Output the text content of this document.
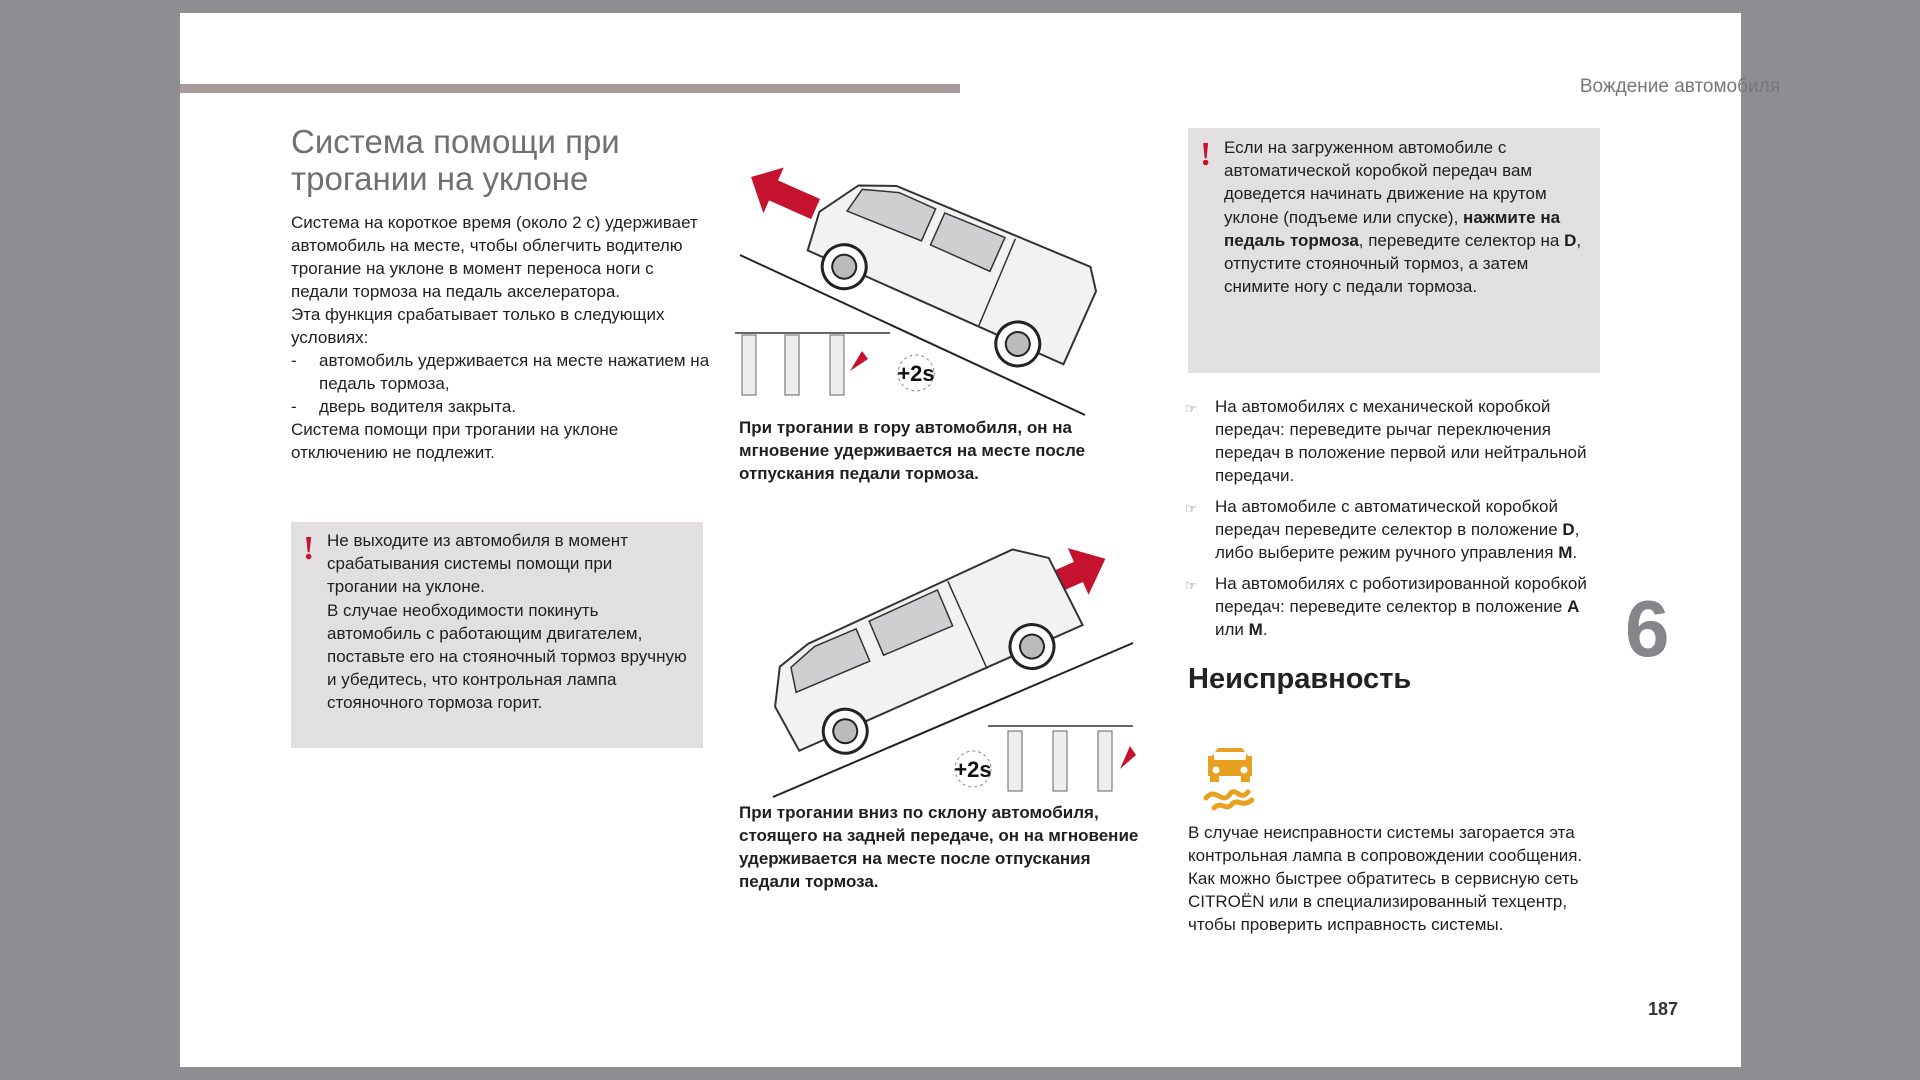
Вождение автомобиля
6
187
Система помощи при трогании на уклоне

Система на короткое время (около 2 с) удерживает автомобиль на месте, чтобы облегчить водителю трогание на уклоне в момент переноса ноги с педали тормоза на педаль акселератора.

Эта функция срабатывает только в следующих условиях:

-	автомобиль удерживается на месте нажатием на педаль тормоза,
-	дверь водителя закрыта.

Система помощи при трогании на уклоне отключению не подлежит.

! Не выходите из автомобиля в момент срабатывания системы помощи при трогании на уклоне.
В случае необходимости покинуть автомобиль с работающим двигателем, поставьте его на стояночный тормоз вручную и убедитесь, что контрольная лампа стояночного тормоза горит.
+2s
При трогании в гору автомобиля, он на мгновение удерживается на месте после отпускания педали тормоза.
+2s
При трогании вниз по склону автомобиля, стоящего на задней передаче, он на мгновение удерживается на месте после отпускания педали тормоза.
! Если на загруженном автомобиле с автоматической коробкой передач вам доведется начинать движение на крутом уклоне (подъеме или спуске), нажмите на педаль тормоза, переведите селектор на D, отпустите стояночный тормоз, а затем снимите ногу с педали тормоза.
☞	На автомобилях с механической коробкой передач: переведите рычаг переключения передач в положение первой или нейтральной передачи.
☞	На автомобиле с автоматической коробкой передач переведите селектор в положение D, либо выберите режим ручного управления M.
☞	На автомобилях с роботизированной коробкой передач: переведите селектор в положение A или M.
Неисправность
В случае неисправности системы загорается эта контрольная лампа в сопровождении сообщения. Как можно быстрее обратитесь в сервисную сеть CITROËN или в специализированный техцентр, чтобы проверить исправность системы.
